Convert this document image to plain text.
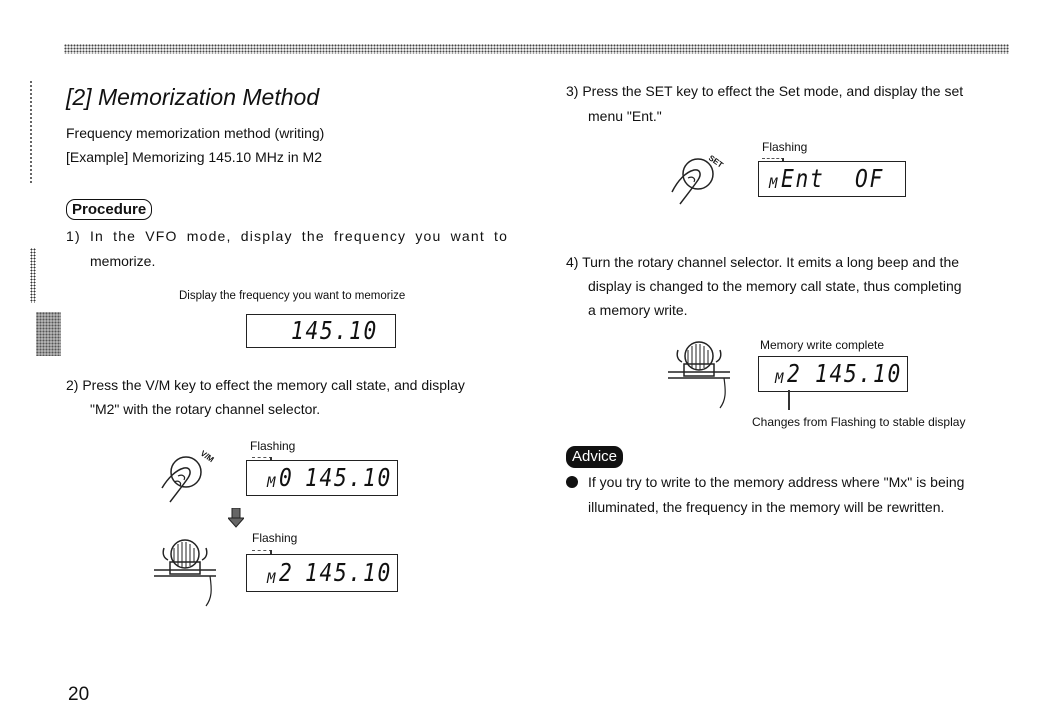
[2] Memorization Method
Frequency memorization method (writing)
[Example] Memorizing 145.10 MHz in M2
Procedure
1) In the VFO mode, display the frequency you want to
memorize.
Display the frequency you want to memorize
145.10
2) Press the V/M key to effect the memory call state, and display
"M2" with the rotary channel selector.
V/M
Flashing
M 0 145.10
Flashing
M 2 145.10
3) Press the SET key to effect the Set mode, and display the set
menu "Ent."
SET
Flashing
M Ent OF
4) Turn the rotary channel selector. It emits a long beep and the
display is changed to the memory call state, thus completing
a memory write.
Memory write complete
M 2 145.10
Changes from Flashing to stable display
Advice
If you try to write to the memory address where "Mx" is being
illuminated, the frequency in the memory will be rewritten.
20
